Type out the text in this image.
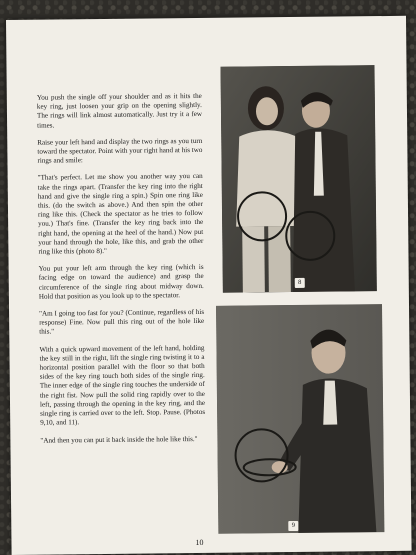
You push the single off your shoulder and as it hits the key ring, just loosen your grip on the opening slightly. The rings will link almost automatically. Just try it a few times.

Raise your left hand and display the two rings as you turn toward the spectator. Point with your right hand at his two rings and smile:

"That's perfect. Let me show you another way you can take the rings apart. (Transfer the key ring into the right hand and give the single ring a spin.) Spin one ring like this. (do the switch as above.) And then spin the other ring like this. (Check the spectator as he tries to follow you.) That's fine. (Transfer the key ring back into the right hand, the opening at the heel of the hand.) Now put your hand through the hole, like this, and grab the other ring like this (photo 8)."

You put your left arm through the key ring (which is facing edge on toward the audience) and grasp the circumference of the single ring about midway down. Hold that position as you look up to the spectator.

"Am I going too fast for you? (Continue, regardless of his response) Fine. Now pull this ring out of the hole like this."

With a quick upward movement of the left hand, holding the key still in the right, lift the single ring twisting it to a horizontal position parallel with the floor so that both sides of the key ring touch both sides of the single ring. The inner edge of the single ring touches the underside of the right fist. Now pull the solid ring rapidly over to the left, passing through the opening in the key ring, and the single ring is carried over to the left. Stop. Pause. (Photos 9,10, and 11).

"And then you can put it back inside the hole like this."

8
9
10
